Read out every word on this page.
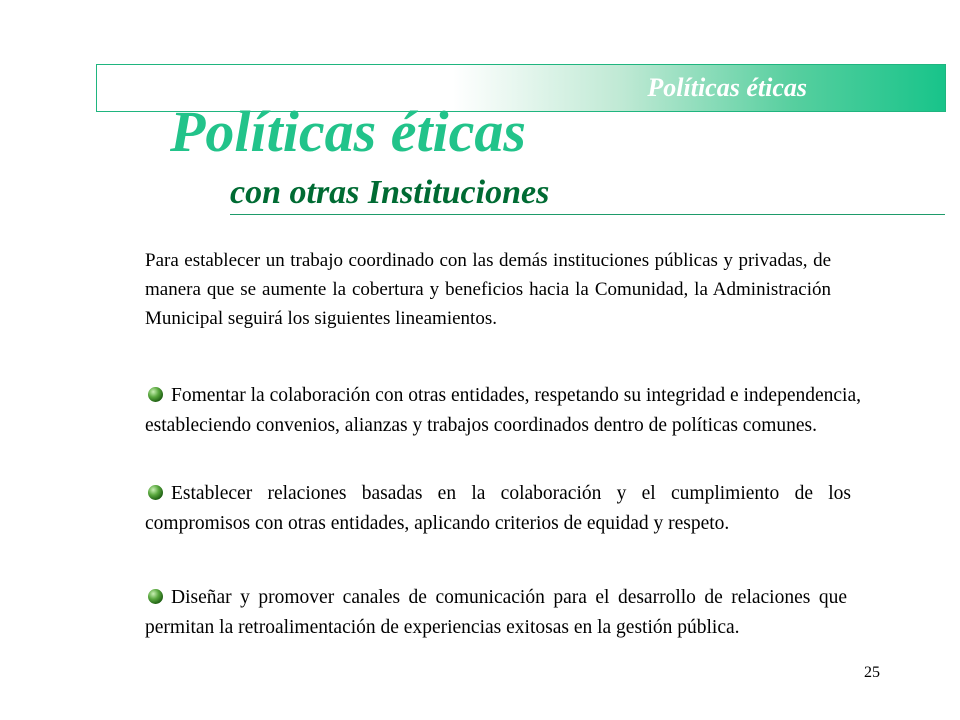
Políticas éticas
Políticas éticas
con otras Instituciones

Para establecer un trabajo coordinado con las demás instituciones públicas y privadas, de manera que se aumente la cobertura y beneficios hacia la Comunidad, la Administración Municipal seguirá los siguientes lineamientos.

Fomentar la colaboración con otras entidades, respetando su integridad e independencia, estableciendo convenios, alianzas y trabajos coordinados dentro de políticas comunes.

Establecer relaciones basadas en la colaboración y el cumplimiento de los compromisos con otras entidades, aplicando criterios de equidad y respeto.

Diseñar y promover canales de comunicación para el desarrollo de relaciones que permitan la retroalimentación de experiencias exitosas en la gestión pública.

25
